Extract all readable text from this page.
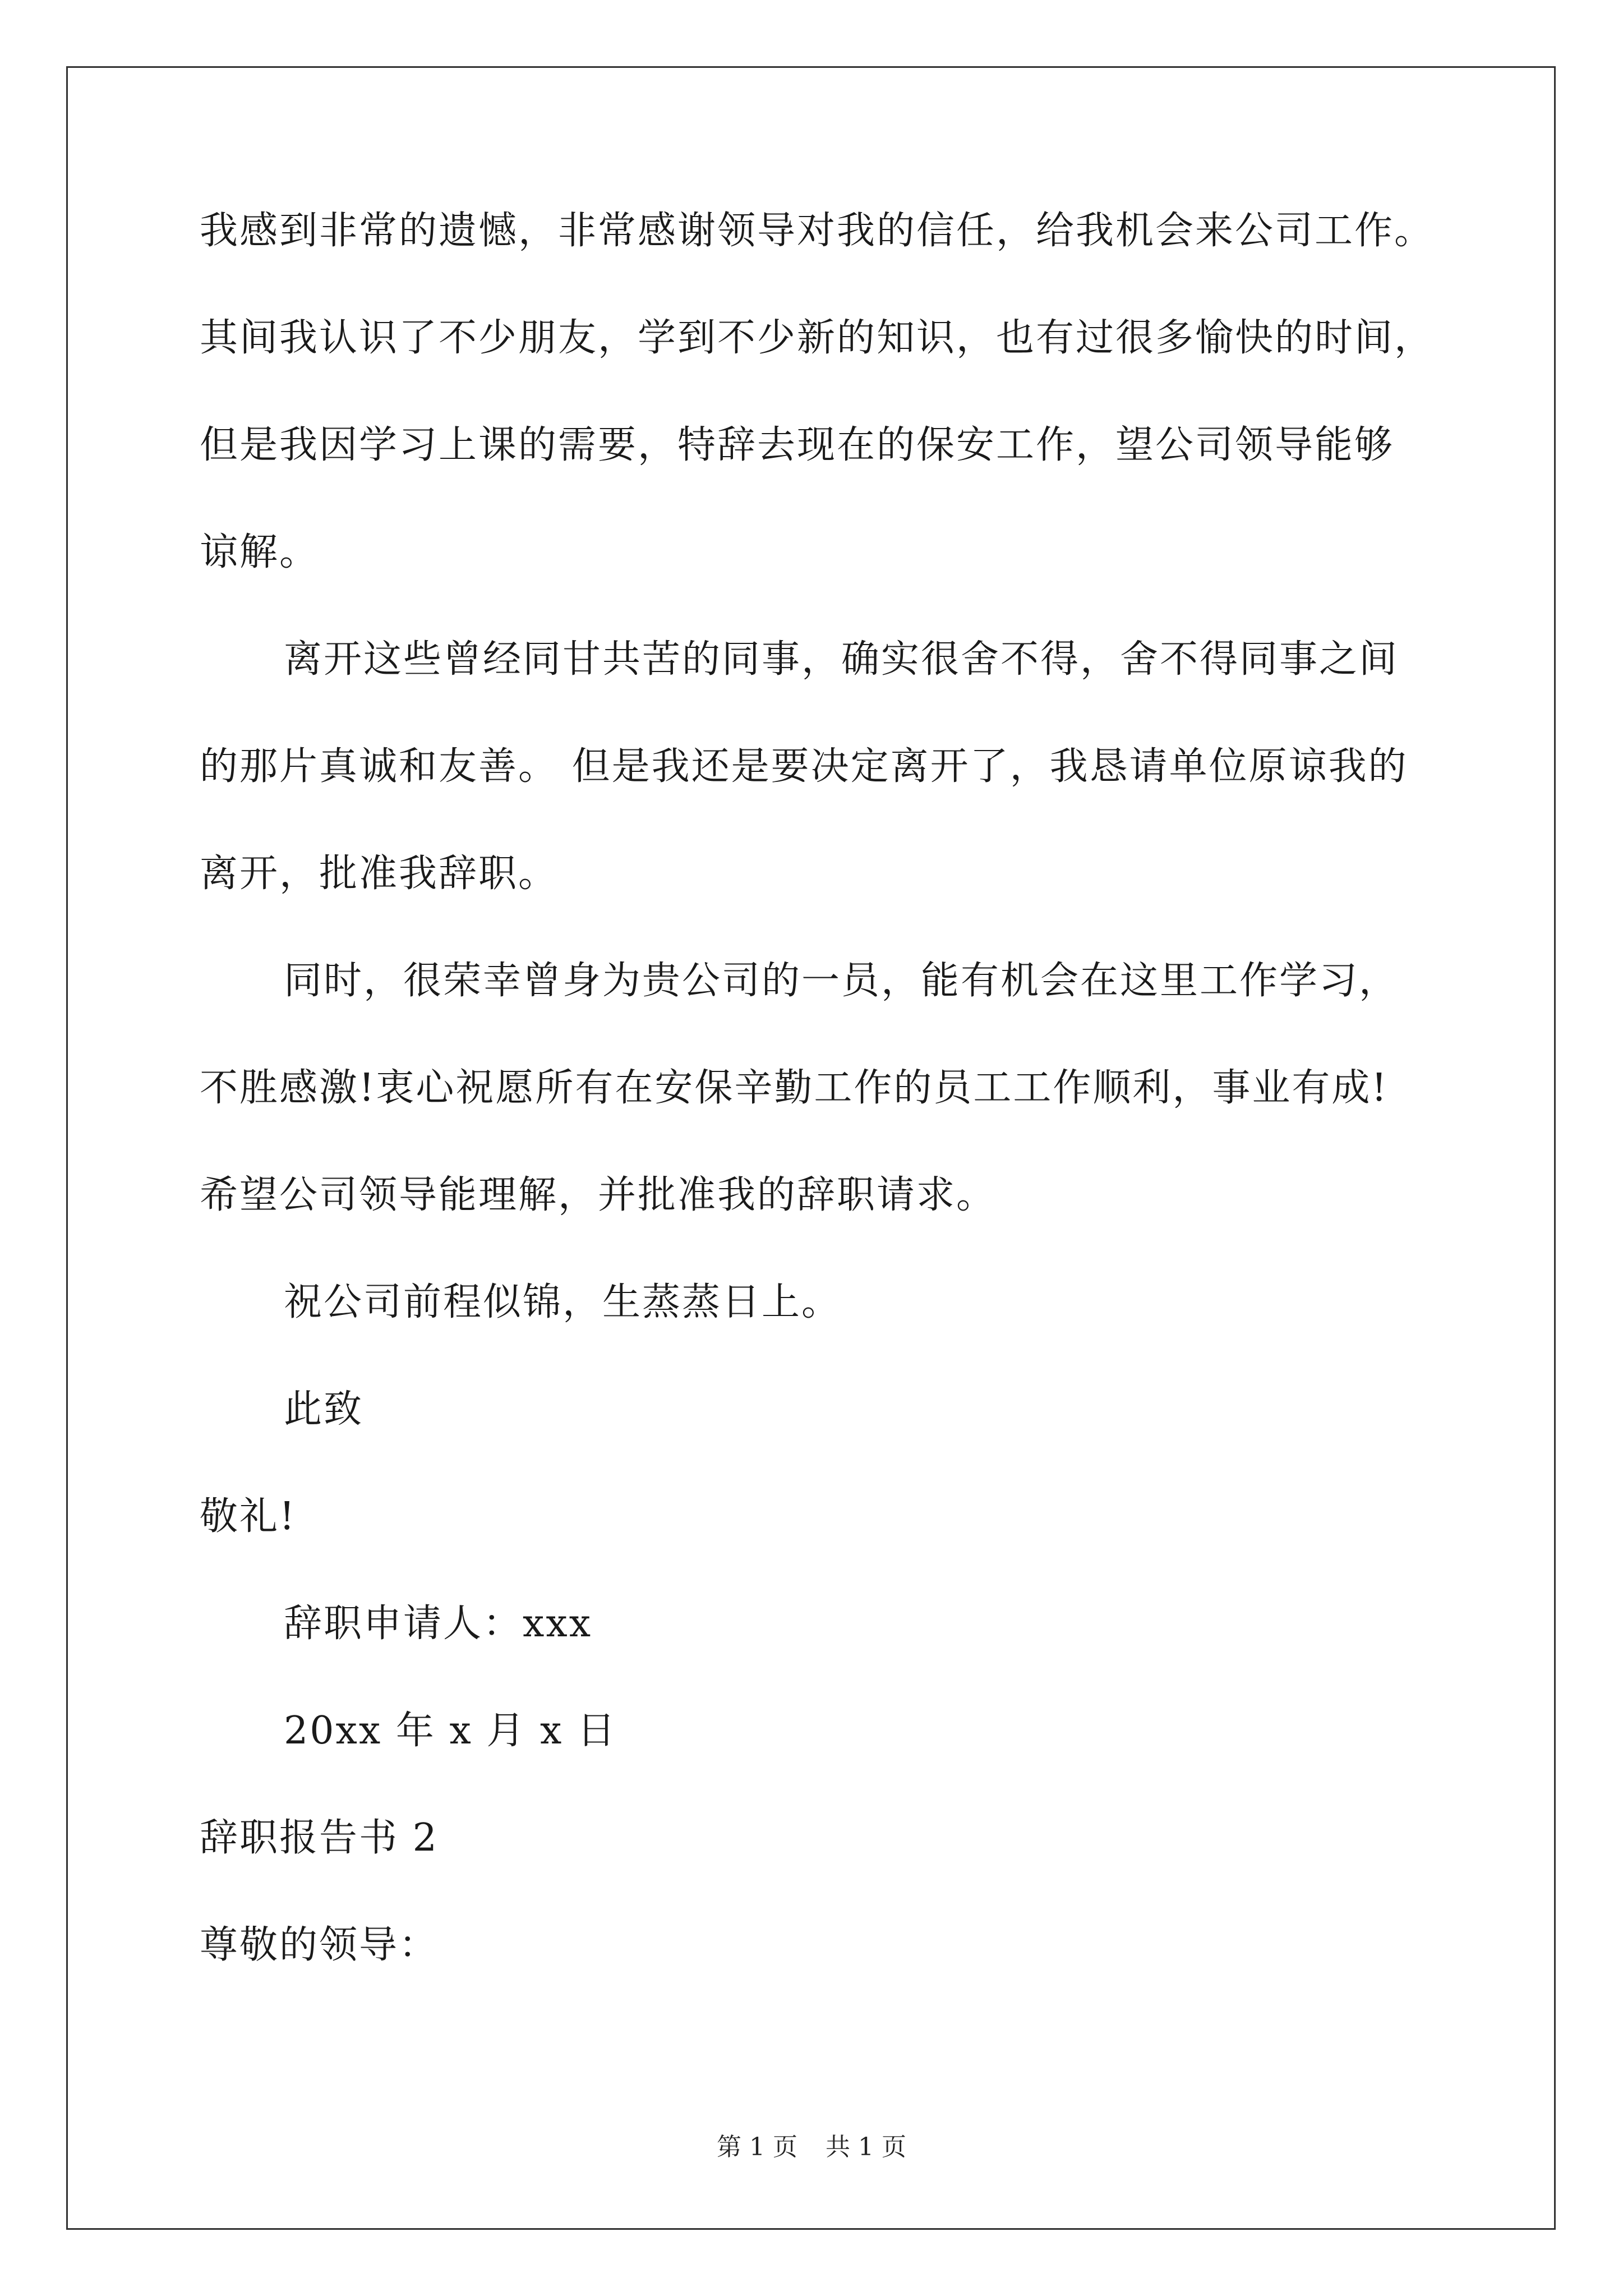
我感到非常的遗憾，非常感谢领导对我的信任，给我机会来公司工作。
其间我认识了不少朋友，学到不少新的知识，也有过很多愉快的时间，
但是我因学习上课的需要，特辞去现在的保安工作，望公司领导能够
谅解。
离开这些曾经同甘共苦的同事，确实很舍不得，舍不得同事之间
的那片真诚和友善。 但是我还是要决定离开了，我恳请单位原谅我的
离开，批准我辞职。
同时，很荣幸曾身为贵公司的一员，能有机会在这里工作学习，
不胜感激!衷心祝愿所有在安保辛勤工作的员工工作顺利，事业有成!
希望公司领导能理解，并批准我的辞职请求。
祝公司前程似锦，生蒸蒸日上。
此致
敬礼!
辞职申请人：xxx
20xx 年 x 月 x 日
辞职报告书 2
尊敬的领导：
第 1 页 共 1 页
